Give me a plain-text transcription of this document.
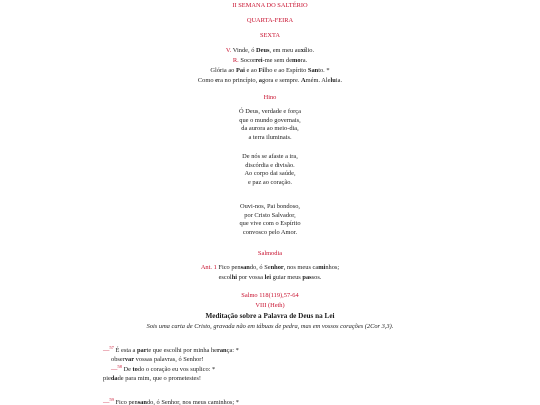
II SEMANA DO SALTÉRIO
QUARTA-FEIRA
SEXTA
V. Vinde, ó Deus, em meu auxílio.
R. Socorrei-me sem demora.
Glória ao Pai e ao Filho e ao Espírito Santo. *
Como era no princípio, agora e sempre. Amém. Aleluia.
Hino

Ó Deus, verdade e força

que o mundo governais,

da aurora ao meio-dia,

a terra iluminais.

De nós se afaste a ira,

discórdia e divisão.

Ao corpo dai saúde,

e paz ao coração.

Ouvi-nos, Pai bondoso,

por Cristo Salvador,

que vive com o Espírito

convosco pelo Amor.

Salmodia
Ant. 1 Fico pensando, ó Senhor, nos meus caminhos;
escolhi por vossa lei guiar meus passos.
Salmo 118(119),57-64
VIII (Heth)
Meditação sobre a Palavra de Deus na Lei
Sois uma carta de Cristo, gravada não em tábuas de pedra, mas em vossos corações (2Cor 3,3).

—$^{57}$ É esta a parte que escolhi por minha herança: *

observar vossas palavras, ó Senhor!

—$^{58}$ De todo o coração eu vos suplico: *

piedade para mim, que o prometestes!

—$^{59}$ Fico pensando, ó Senhor, nos meus caminhos; *
